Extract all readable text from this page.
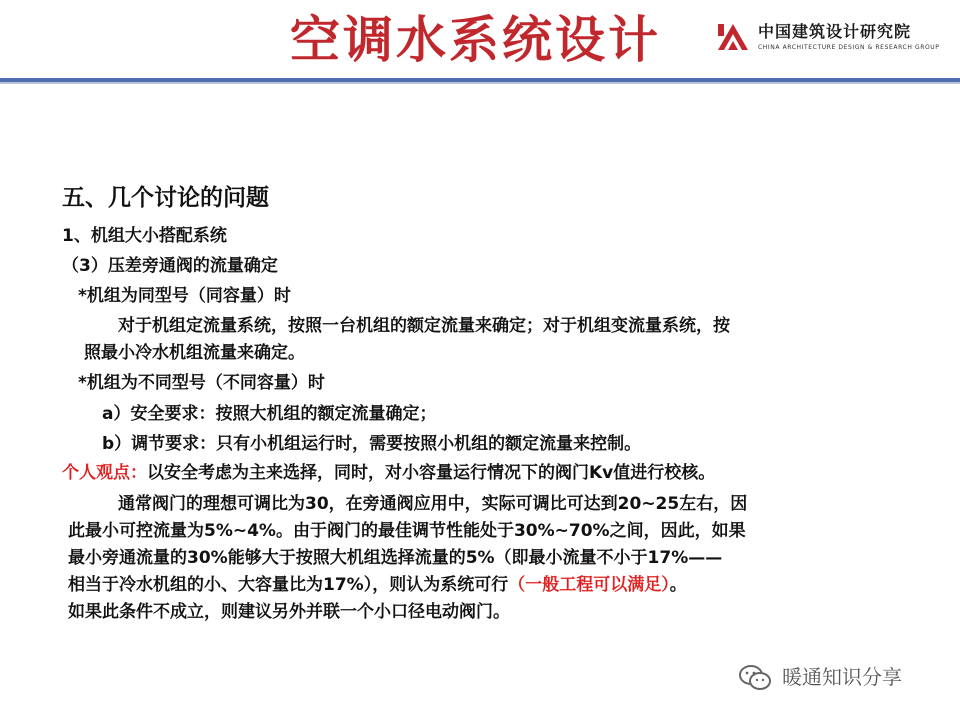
空调水系统设计	中国建筑设计研究院
CHINA ARCHITECTURE DESIGN & RESEARCH GROUP
五、几个讨论的问题
1、机组大小搭配系统
（3）压差旁通阀的流量确定
*机组为同型号（同容量）时
对于机组定流量系统，按照一台机组的额定流量来确定；对于机组变流量系统，按
照最小冷水机组流量来确定。
*机组为不同型号（不同容量）时
a）安全要求：按照大机组的额定流量确定；
b）调节要求：只有小机组运行时，需要按照小机组的额定流量来控制。
个人观点：以安全考虑为主来选择，同时，对小容量运行情况下的阀门Kv值进行校核。
通常阀门的理想可调比为30，在旁通阀应用中，实际可调比可达到20~25左右，因
此最小可控流量为5%~4%。由于阀门的最佳调节性能处于30%~70%之间，因此，如果
最小旁通流量的30%能够大于按照大机组选择流量的5%（即最小流量不小于17%——
相当于冷水机组的小、大容量比为17%），则认为系统可行（一般工程可以满足）。
如果此条件不成立，则建议另外并联一个小口径电动阀门。
暖通知识分享
